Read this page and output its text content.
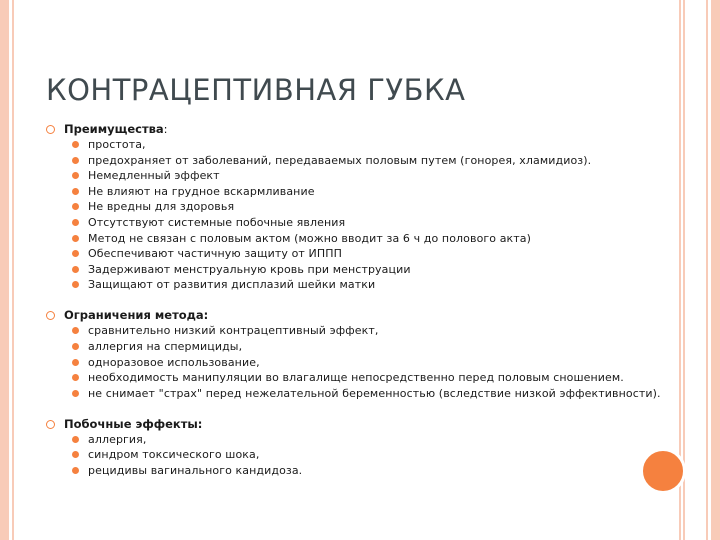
КОНТРАЦЕПТИВНАЯ ГУБКА
Преимущества:
простота,
предохраняет от заболеваний, передаваемых половым путем (гонорея, хламидиоз).
Немедленный эффект
Не влияют на грудное вскармливание
Не вредны для здоровья
Отсутствуют системные побочные явления
Метод не связан с половым актом (можно вводит за 6 ч до полового акта)
Обеспечивают частичную защиту от ИППП
Задерживают менструальную кровь при менструации
Защищают от развития дисплазий шейки матки
Ограничения метода:
сравнительно низкий контрацептивный эффект,
аллергия на спермициды,
одноразовое использование,
необходимость манипуляции во влагалище непосредственно перед половым сношением.
не снимает "страх" перед нежелательной беременностью (вследствие низкой эффективности).
Побочные эффекты:
аллергия,
синдром токсического шока,
рецидивы вагинального кандидоза.
